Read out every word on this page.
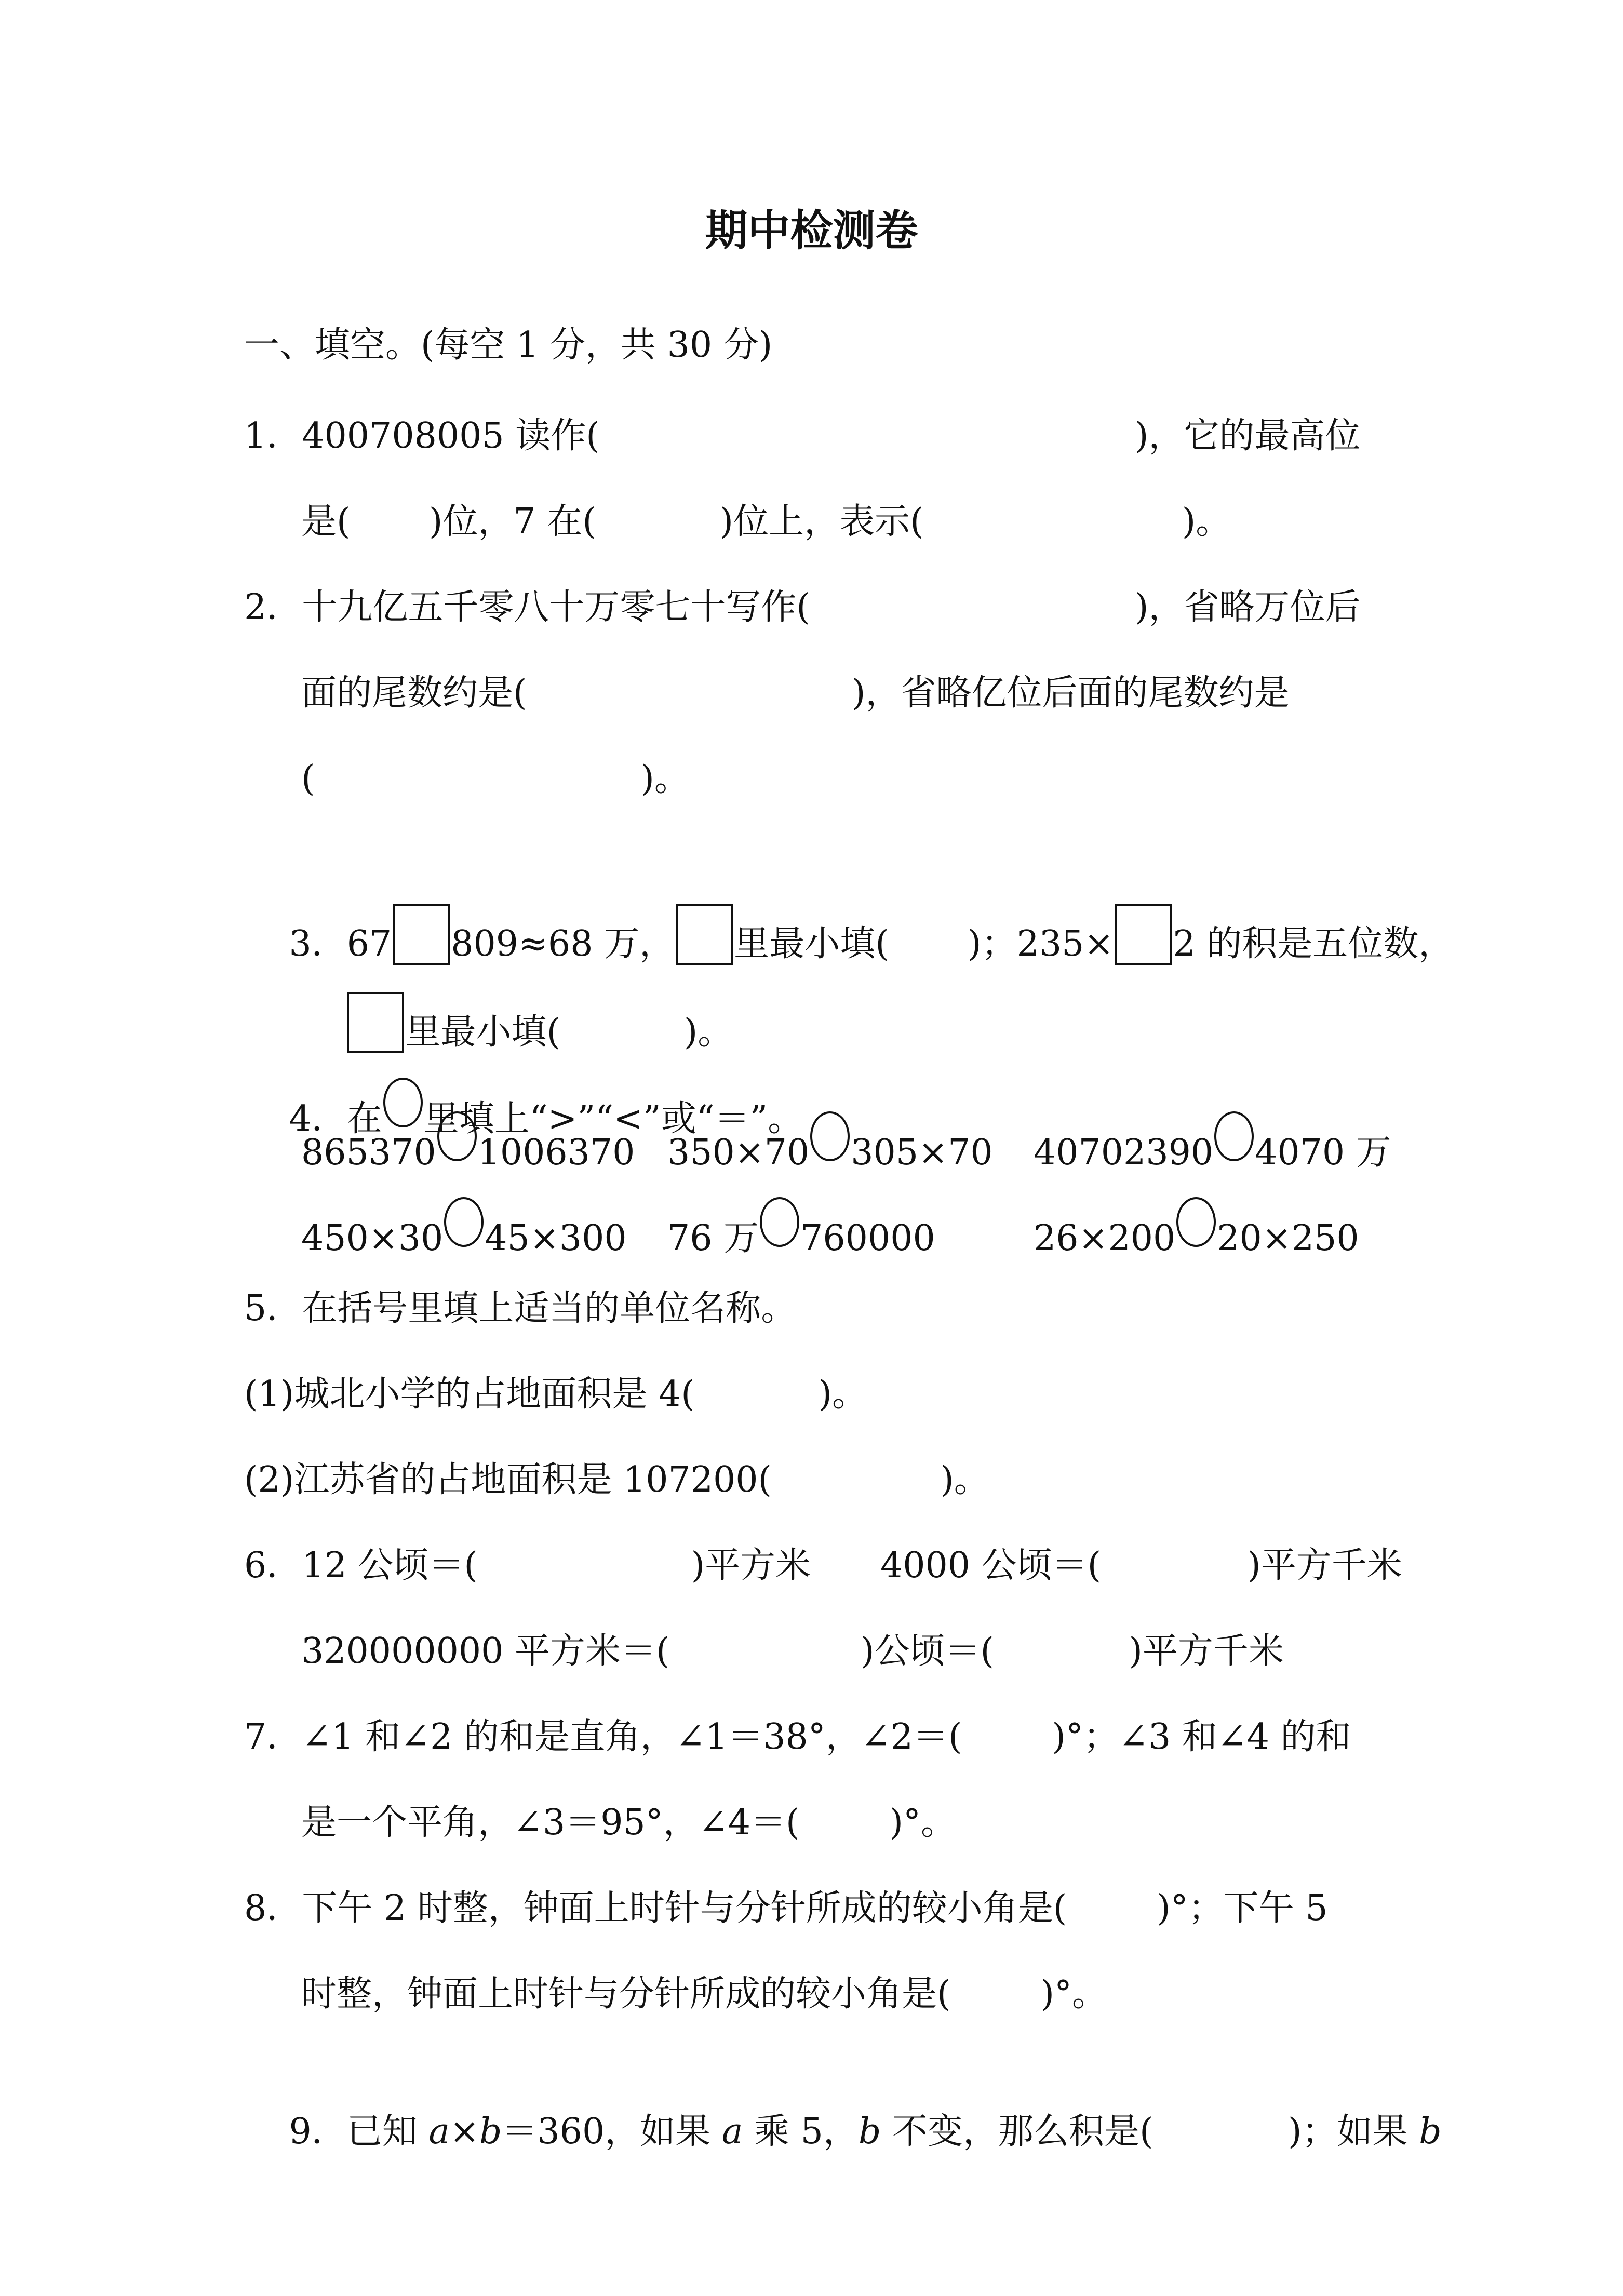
期中检测卷
一、填空。(每空 1 分，共 30 分)
1．400708005 读作(	)，它的最高位
是(       )位，7 在(           )位上，表示(                       )。
2．十九亿五千零八十万零七十写作(	)，省略万位后
面的尾数约是(	)，省略亿位后面的尾数约是
(                             )。

3．67 809≈68 万， 里最小填(       )；235× 2 的积是五位数，

里最小填(           )。

4．在 里填上“>”“<”或“＝”。

865370 1006370 350×70 305×70 40702390 4070 万
450×30 45×300 76 万 760000	26×200 20×250
5．在括号里填上适当的单位名称。
(1)城北小学的占地面积是 4(           )。
(2)江苏省的占地面积是 107200(               )。
6．12 公顷＝(                   )平方米 4000 公顷＝(             )平方千米
320000000 平方米＝(                 )公顷＝(            )平方千米
7．∠1 和∠2 的和是直角，∠1＝38°，∠2＝(        )°；∠3 和∠4 的和
是一个平角，∠3＝95°，∠4＝(        )°。
8．下午 2 时整，钟面上时针与分针所成的较小角是(        )°；下午 5
时整，钟面上时针与分针所成的较小角是(        )°。

9．已知 a×b＝360，如果 a 乘 5，b 不变，那么积是(            )；如果 b
